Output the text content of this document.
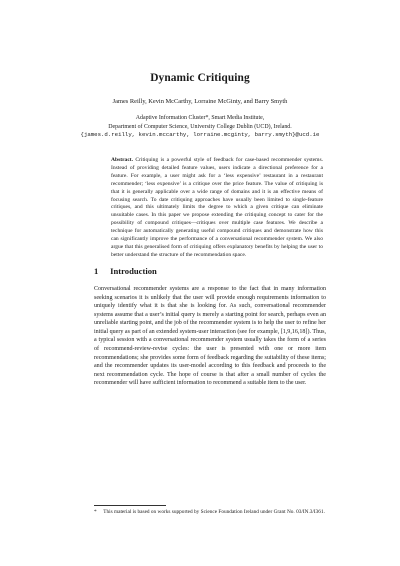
Dynamic Critiquing
James Reilly, Kevin McCarthy, Lorraine McGinty, and Barry Smyth
Adaptive Information Cluster*, Smart Media Institute,
Department of Computer Science, University College Dublin (UCD), Ireland.
{james.d.reilly, kevin.mccarthy, lorraine.mcginty, barry.smyth}@ucd.ie
Abstract. Critiquing is a powerful style of feedback for case-based recommender systems. Instead of providing detailed feature values, users indicate a directional preference for a feature. For example, a user might ask for a ‘less expensive’ restaurant in a restaurant recommender; ‘less expensive’ is a critique over the price feature. The value of critiquing is that it is generally applicable over a wide range of domains and it is an effective means of focusing search. To date critiquing approaches have usually been limited to single-feature critiques, and this ultimately limits the degree to which a given critique can eliminate unsuitable cases. In this paper we propose extending the critiquing concept to cater for the possibility of compound critiques—critiques over multiple case features. We describe a technique for automatically generating useful compound critiques and demonstrate how this can significantly improve the performance of a conversational recommender system. We also argue that this generalised form of critiquing offers explanatory benefits by helping the user to better understand the structure of the recommendation space.
1 Introduction

Conversational recommender systems are a response to the fact that in many information seeking scenarios it is unlikely that the user will provide enough requirements information to uniquely identify what it is that she is looking for. As such, conversational recommender systems assume that a user’s initial query is merely a starting point for search, perhaps even an unreliable starting point, and the job of the recommender system is to help the user to refine her initial query as part of an extended system-user interaction (see for example, [1,9,16,18]). Thus, a typical session with a conversational recommender system usually takes the form of a series of recommend-review-revise cycles: the user is presented with one or more item recommendations; she provides some form of feedback regarding the suitability of these items; and the recommender updates its user-model according to this feedback and proceeds to the next recommendation cycle. The hope of course is that after a small number of cycles the recommender will have sufficient information to recommend a suitable item to the user.

* This material is based on works supported by Science Foundation Ireland under Grant No. 03/IN.3/I361.
